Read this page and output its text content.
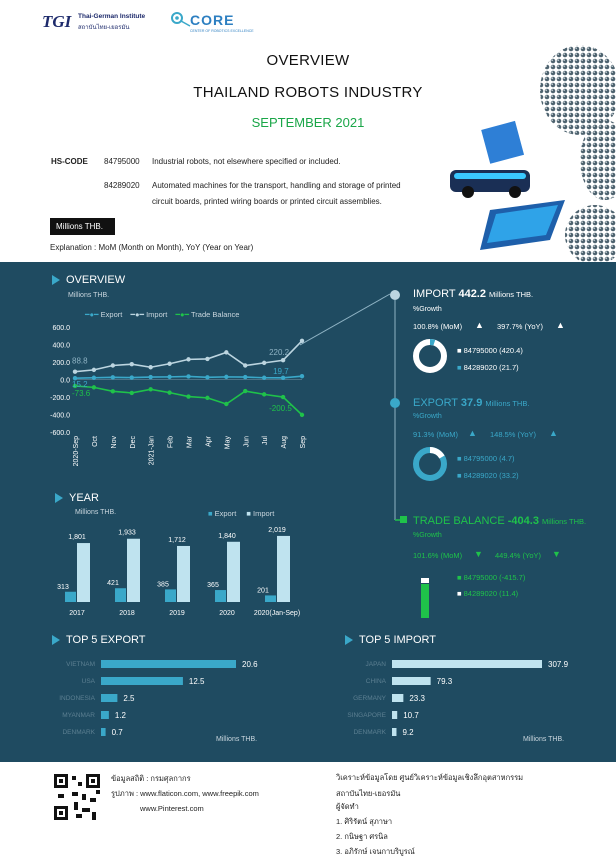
TGI Thai-German Institute
สถาบันไทย-เยอรมัน	CORE
CENTER OF ROBOTICS EXCELLENCE
OVERVIEW
THAILAND ROBOTS INDUSTRY
SEPTEMBER 2021
HS-CODE 84795000 Industrial robots, not elsewhere specified or included.
84289020 Automated machines for the transport, handling and storage of printed
circuit boards, printed wiring boards or printed circuit assemblies.
Millions THB.
Explanation : MoM (Month on Month), YoY (Year on Year)
OVERVIEW
Millions THB.
━●━ Export ━●━ Import ━●━ Trade Balance
600.0
400.0
200.0
0.0
-200.0
-400.0
-600.0
2020-Sep Oct Nov Dec 2021-Jan Feb Mar Apr May Jun Jul Aug Sep
88.8
15.2
-73.6
220.2
19.7
-200.5
IMPORT 442.2 Millions THB.
%Growth
100.8% (MoM) ▲ 397.7% (YoY) ▲
■ 84795000 (420.4)
■ 84289020 (21.7)
EXPORT 37.9 Millions THB.
%Growth
91.3% (MoM) ▲ 148.5% (YoY) ▲
■ 84795000 (4.7)
■ 84289020 (33.2)
TRADE BALANCE -404.3 Millions THB.
%Growth
101.6% (MoM) ▼ 449.4% (YoY) ▼
■ 84795000 (-415.7)
■ 84289020 (11.4)
YEAR
Millions THB.	■ Export ■ Import
313
1,801
2017
421
1,933
2018
385
1,712
2019
365
1,840
2020
201
2,019
2020(Jan-Sep)
TOP 5 EXPORT
VIETNAM	20.6
USA	12.5
INDONESIA	2.5
MYANMAR 1.2
DENMARK 0.7
Millions THB.
TOP 5 IMPORT
JAPAN	307.9
CHINA	79.3
GERMANY	23.3
SINGAPORE 10.7
DENMARK 9.2
Millions THB.
ข้อมูลสถิติ : กรมศุลกากร
รูปภาพ : www.flaticon.com, www.freepik.com
www.Pinterest.com
วิเคราะห์ข้อมูลโดย ศูนย์วิเคราะห์ข้อมูลเชิงลึกอุตสาหกรรม
สถาบันไทย-เยอรมัน
ผู้จัดทำ
1. ศิริรัตน์ สุภาษา
2. กนิษฐา ศรนิล
3. อภิรักษ์ เจนกาบริบูรณ์
